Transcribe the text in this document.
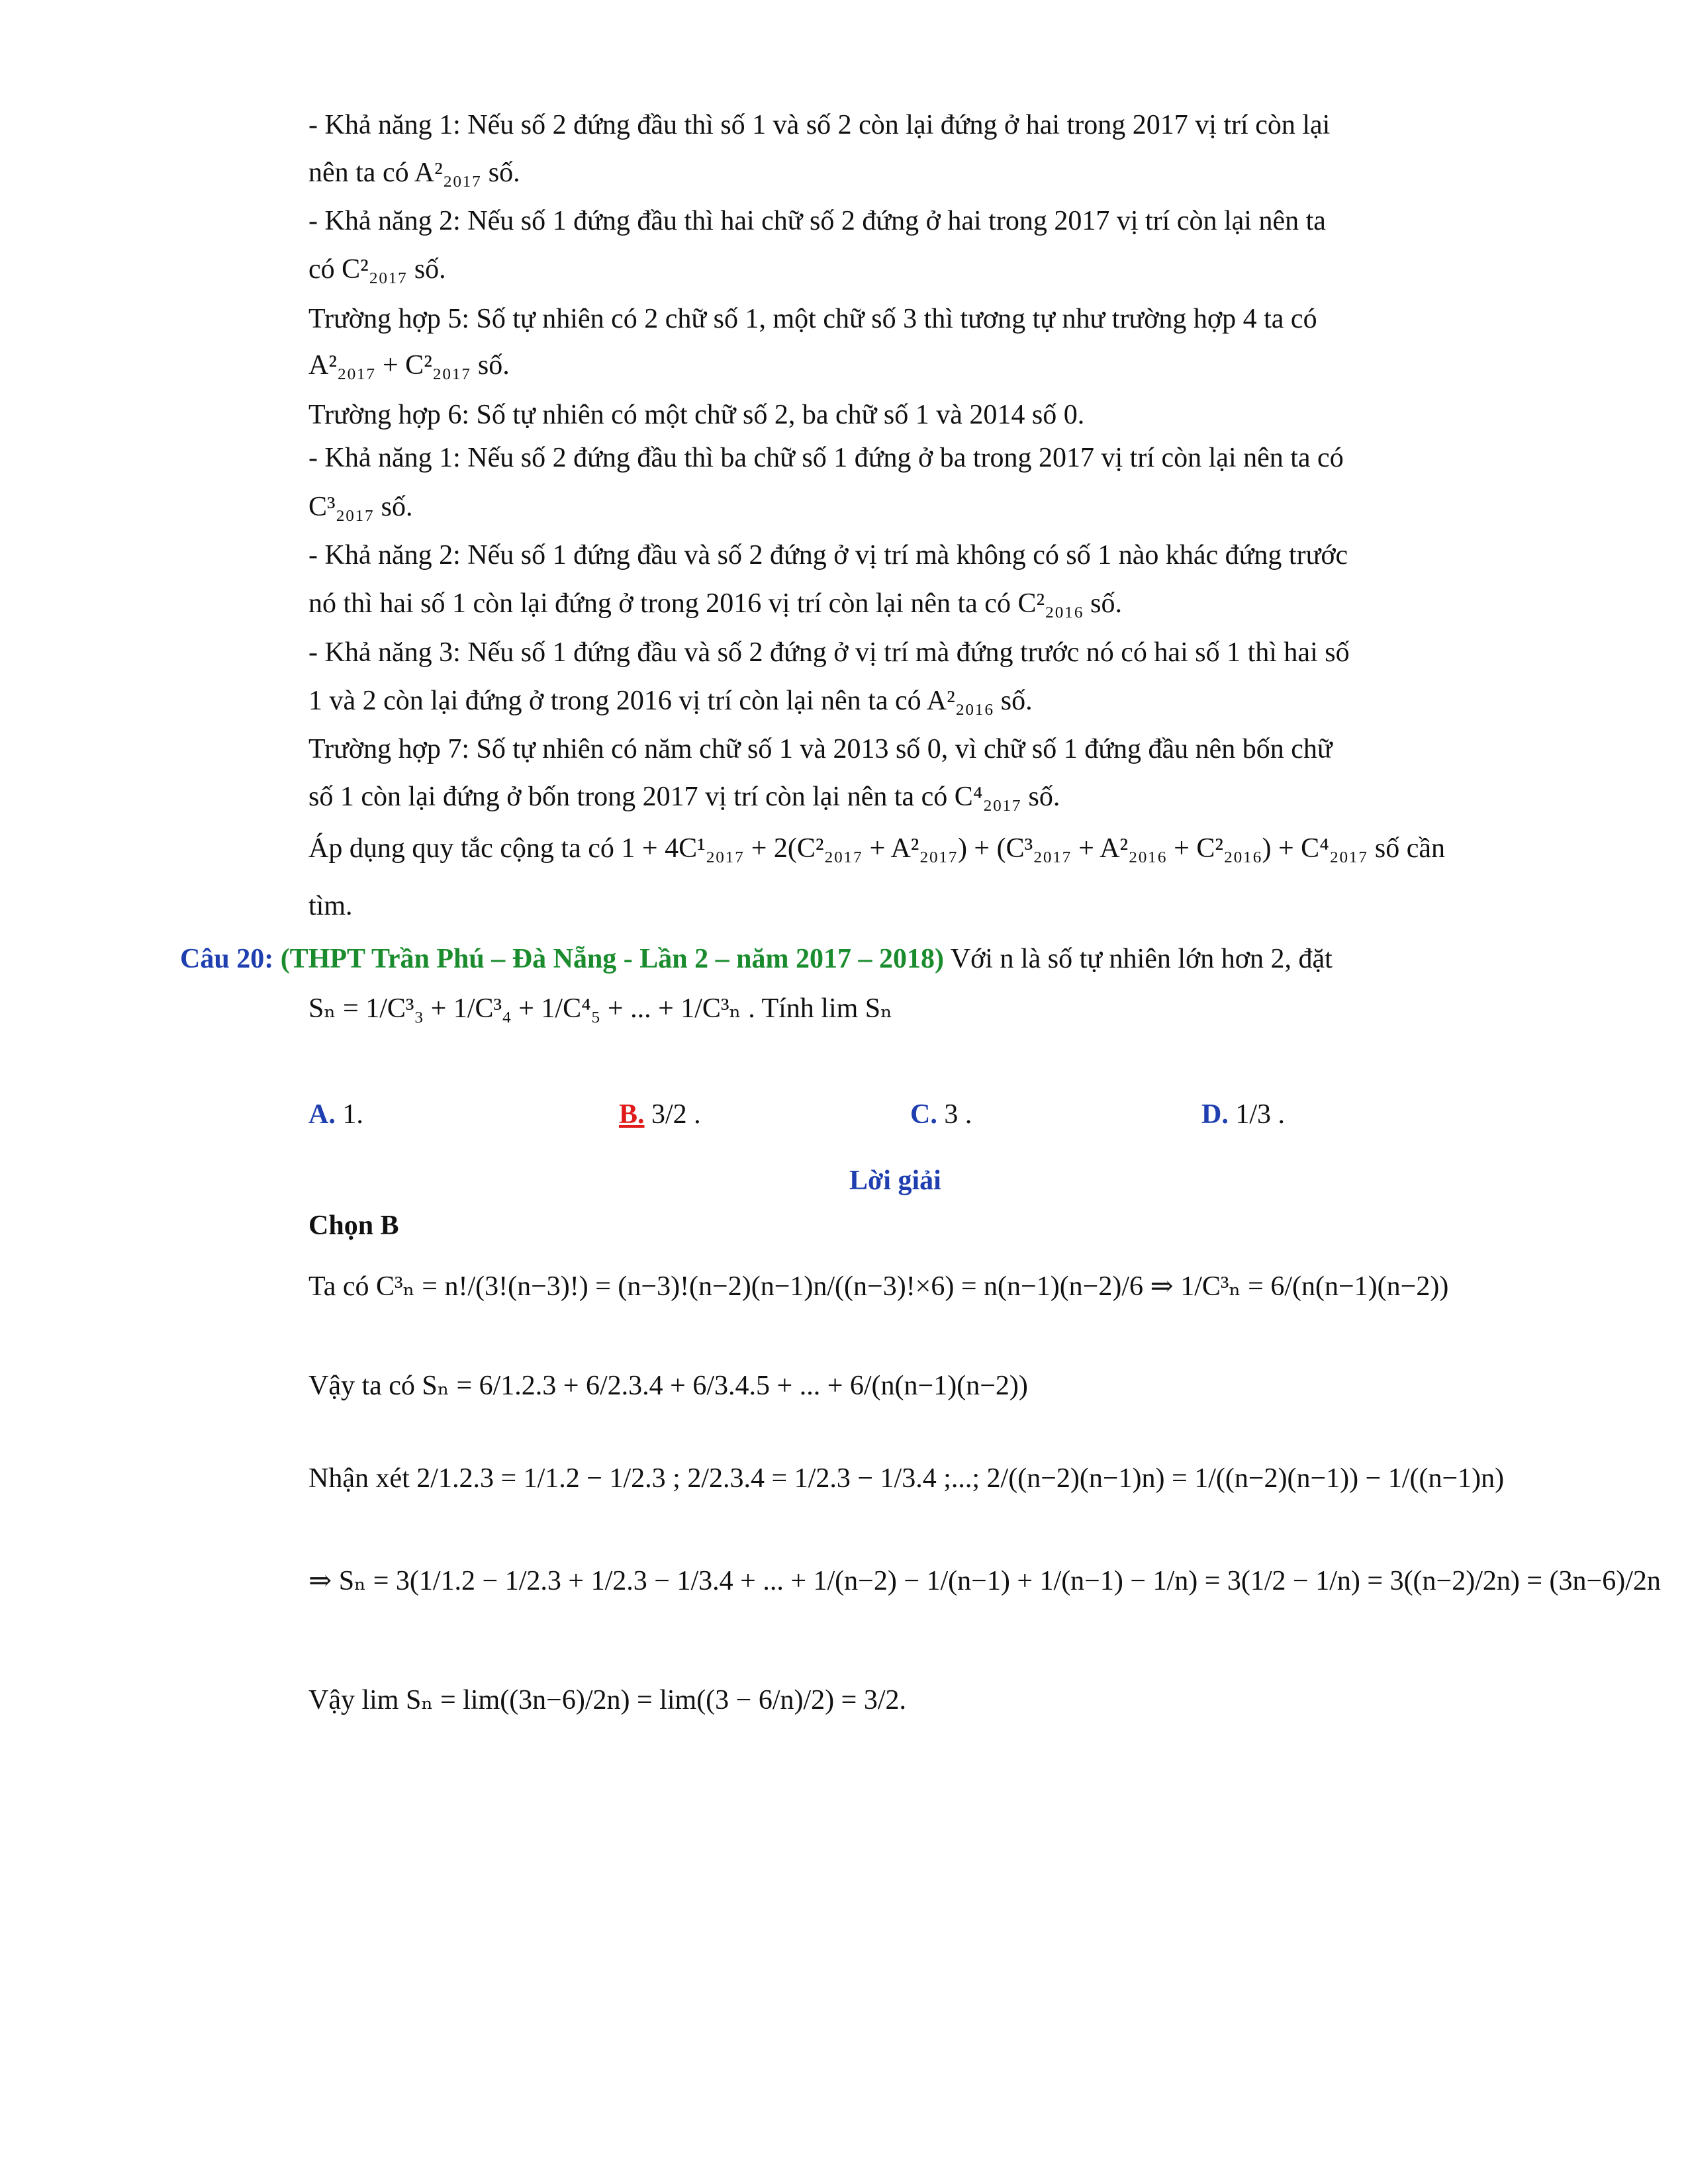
- Khả năng 1: Nếu số 2 đứng đầu thì số 1 và số 2 còn lại đứng ở hai trong 2017 vị trí còn lại
nên ta có A²₂₀₁₇ số.
- Khả năng 2: Nếu số 1 đứng đầu thì hai chữ số 2 đứng ở hai trong 2017 vị trí còn lại nên ta
có C²₂₀₁₇ số.
Trường hợp 5: Số tự nhiên có 2 chữ số 1, một chữ số 3 thì tương tự như trường hợp 4 ta có
A²₂₀₁₇ + C²₂₀₁₇ số.
Trường hợp 6: Số tự nhiên có một chữ số 2, ba chữ số 1 và 2014 số 0.
- Khả năng 1: Nếu số 2 đứng đầu thì ba chữ số 1 đứng ở ba trong 2017 vị trí còn lại nên ta có
C³₂₀₁₇ số.
- Khả năng 2: Nếu số 1 đứng đầu và số 2 đứng ở vị trí mà không có số 1 nào khác đứng trước
nó thì hai số 1 còn lại đứng ở trong 2016 vị trí còn lại nên ta có C²₂₀₁₆ số.
- Khả năng 3: Nếu số 1 đứng đầu và số 2 đứng ở vị trí mà đứng trước nó có hai số 1 thì hai số
1 và 2 còn lại đứng ở trong 2016 vị trí còn lại nên ta có A²₂₀₁₆ số.
Trường hợp 7: Số tự nhiên có năm chữ số 1 và 2013 số 0, vì chữ số 1 đứng đầu nên bốn chữ
số 1 còn lại đứng ở bốn trong 2017 vị trí còn lại nên ta có C⁴₂₀₁₇ số.
Áp dụng quy tắc cộng ta có 1 + 4C¹₂₀₁₇ + 2(C²₂₀₁₇ + A²₂₀₁₇) + (C³₂₀₁₇ + A²₂₀₁₆ + C²₂₀₁₆) + C⁴₂₀₁₇ số cần
tìm.
Câu 20: (THPT Trần Phú – Đà Nẵng - Lần 2 – năm 2017 – 2018) Với n là số tự nhiên lớn hơn 2, đặt
Sₙ = 1/C³₃ + 1/C³₄ + 1/C⁴₅ + ... + 1/C³ₙ . Tính lim Sₙ
A. 1.	B. 3/2 .	C. 3 .	D. 1/3 .
Lời giải
Chọn B
Ta có C³ₙ = n!/(3!(n−3)!) = (n−3)!(n−2)(n−1)n/((n−3)!×6) = n(n−1)(n−2)/6 ⇒ 1/C³ₙ = 6/(n(n−1)(n−2))
Vậy ta có Sₙ = 6/1.2.3 + 6/2.3.4 + 6/3.4.5 + ... + 6/(n(n−1)(n−2))
Nhận xét 2/1.2.3 = 1/1.2 − 1/2.3 ; 2/2.3.4 = 1/2.3 − 1/3.4 ;...; 2/((n−2)(n−1)n) = 1/((n−2)(n−1)) − 1/((n−1)n)
⇒ Sₙ = 3(1/1.2 − 1/2.3 + 1/2.3 − 1/3.4 + ... + 1/(n−2) − 1/(n−1) + 1/(n−1) − 1/n) = 3(1/2 − 1/n) = 3((n−2)/2n) = (3n−6)/2n
Vậy lim Sₙ = lim((3n−6)/2n) = lim((3 − 6/n)/2) = 3/2.
